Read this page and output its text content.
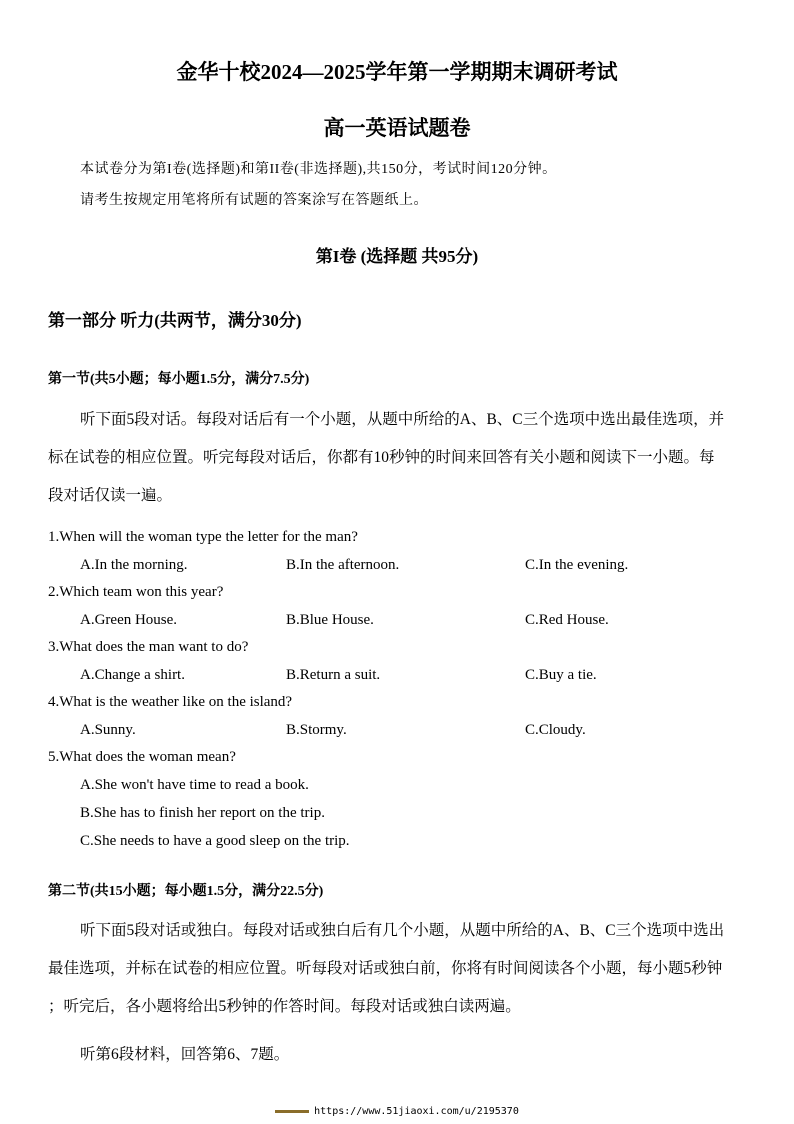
金华十校2024—2025学年第一学期期末调研考试
高一英语试题卷
本试卷分为第I卷(选择题)和第II卷(非选择题),共150分，考试时间120分钟。
请考生按规定用笔将所有试题的答案涂写在答题纸上。
第I卷 (选择题 共95分)
第一部分 听力(共两节，满分30分)
第一节(共5小题；每小题1.5分，满分7.5分)

听下面5段对话。每段对话后有一个小题，从题中所给的A、B、C三个选项中选出最佳选项，并

标在试卷的相应位置。听完每段对话后，你都有10秒钟的时间来回答有关小题和阅读下一小题。每

段对话仅读一遍。

1.When will the woman type the letter for the man?
A.In the morning.	B.In the afternoon.	C.In the evening.
2.Which team won this year?
A.Green House.	B.Blue House.	C.Red House.
3.What does the man want to do?
A.Change a shirt.	B.Return a suit.	C.Buy a tie.
4.What is the weather like on the island?
A.Sunny.	B.Stormy.	C.Cloudy.
5.What does the woman mean?
A.She won't have time to read a book.
B.She has to finish her report on the trip.
C.She needs to have a good sleep on the trip.
第二节(共15小题；每小题1.5分，满分22.5分)

听下面5段对话或独白。每段对话或独白后有几个小题，从题中所给的A、B、C三个选项中选出

最佳选项，并标在试卷的相应位置。听每段对话或独白前，你将有时间阅读各个小题，每小题5秒钟

；听完后，各小题将给出5秒钟的作答时间。每段对话或独白读两遍。

听第6段材料，回答第6、7题。
https://www.51jiaoxi.com/u/2195370
